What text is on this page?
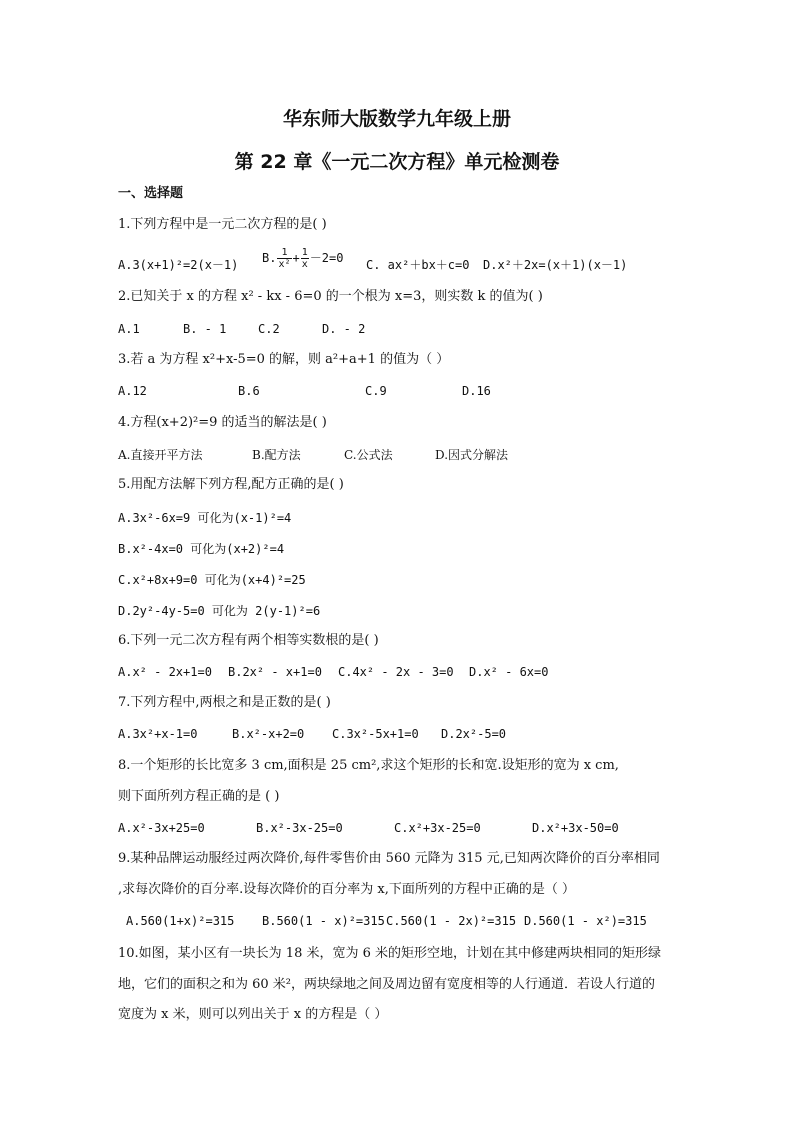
华东师大版数学九年级上册
第 22 章《一元二次方程》单元检测卷
一、选择题
1.下列方程中是一元二次方程的是( )
A.3(x+1)²=2(x－1) B. $\frac{1}{\text{x²}} + \frac{1}{x} -2=0$ C. ax²＋bx＋c=0 D.x²＋2x=(x＋1)(x－1)
2.已知关于 x 的方程 x² - kx - 6=0 的一个根为 x=3，则实数 k 的值为( )
A.1	B. - 1	C.2	D. - 2
3.若 a 为方程 x²+x-5=0 的解，则 a²+a+1 的值为（ ）
A.12	B.6	C.9	D.16
4.方程(x+2)²=9 的适当的解法是( )
A.直接开平方法	B.配方法	C.公式法	D.因式分解法
5.用配方法解下列方程,配方正确的是( )
A.3x²-6x=9 可化为(x-1)²=4
B.x²-4x=0 可化为(x+2)²=4
C.x²+8x+9=0 可化为(x+4)²=25
D.2y²-4y-5=0 可化为 2(y-1)²=6
6.下列一元二次方程有两个相等实数根的是( )
A.x² - 2x+1=0 B.2x² - x+1=0 C.4x² - 2x - 3=0 D.x² - 6x=0
7.下列方程中,两根之和是正数的是( )
A.3x²+x-1=0	B.x²-x+2=0 C.3x²-5x+1=0 D.2x²-5=0
8.一个矩形的长比宽多 3 cm,面积是 25 cm²,求这个矩形的长和宽.设矩形的宽为 x cm,
则下面所列方程正确的是 ( )
A.x²-3x+25=0	B.x²-3x-25=0	C.x²+3x-25=0	D.x²+3x-50=0
9.某种品牌运动服经过两次降价,每件零售价由 560 元降为 315 元,已知两次降价的百分率相同
,求每次降价的百分率.设每次降价的百分率为 x,下面所列的方程中正确的是（ ）
A.560(1+x)²=315 B.560(1 - x)²=315 C.560(1 - 2x)²=315 D.560(1 - x²)=315
10.如图，某小区有一块长为 18 米，宽为 6 米的矩形空地，计划在其中修建两块相同的矩形绿
地，它们的面积之和为 60 米²，两块绿地之间及周边留有宽度相等的人行通道．若设人行道的
宽度为 x 米，则可以列出关于 x 的方程是（ ）
